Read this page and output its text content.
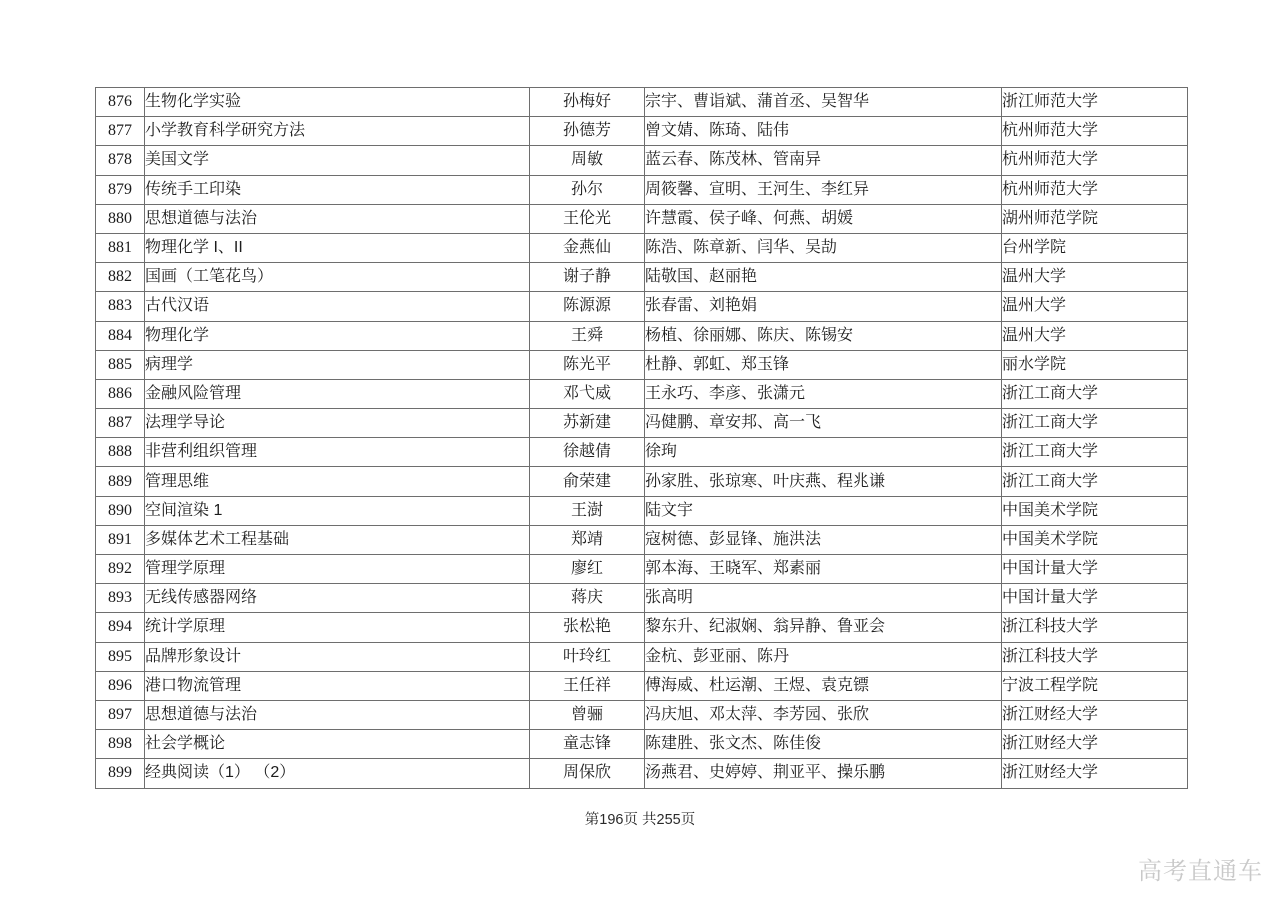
876	生物化学实验	孙梅好	宗宇、曹诣斌、蒲首丞、吴智华	浙江师范大学
877	小学教育科学研究方法	孙德芳	曾文婧、陈琦、陆伟	杭州师范大学
878	美国文学	周敏	蓝云春、陈茂林、管南异	杭州师范大学
879	传统手工印染	孙尔	周筱馨、宣明、王河生、李红异	杭州师范大学
880	思想道德与法治	王伦光	许慧霞、侯子峰、何燕、胡媛	湖州师范学院
881	物理化学 I、II	金燕仙	陈浩、陈章新、闫华、吴劼	台州学院
882	国画（工笔花鸟）	谢子静	陆敬国、赵丽艳	温州大学
883	古代汉语	陈源源	张春雷、刘艳娟	温州大学
884	物理化学	王舜	杨植、徐丽娜、陈庆、陈锡安	温州大学
885	病理学	陈光平	杜静、郭虹、郑玉锋	丽水学院
886	金融风险管理	邓弋威	王永巧、李彦、张潇元	浙江工商大学
887	法理学导论	苏新建	冯健鹏、章安邦、高一飞	浙江工商大学
888	非营利组织管理	徐越倩	徐珣	浙江工商大学
889	管理思维	俞荣建	孙家胜、张琼寒、叶庆燕、程兆谦	浙江工商大学
890	空间渲染 1	王澍	陆文宇	中国美术学院
891	多媒体艺术工程基础	郑靖	寇树德、彭显锋、施洪法	中国美术学院
892	管理学原理	廖红	郭本海、王晓军、郑素丽	中国计量大学
893	无线传感器网络	蒋庆	张高明	中国计量大学
894	统计学原理	张松艳	黎东升、纪淑娴、翁异静、鲁亚会	浙江科技大学
895	品牌形象设计	叶玲红	金杭、彭亚丽、陈丹	浙江科技大学
896	港口物流管理	王任祥	傅海威、杜运潮、王煜、袁克镖	宁波工程学院
897	思想道德与法治	曾骊	冯庆旭、邓太萍、李芳园、张欣	浙江财经大学
898	社会学概论	童志锋	陈建胜、张文杰、陈佳俊	浙江财经大学
899	经典阅读（1） （2）	周保欣	汤燕君、史婷婷、荆亚平、操乐鹏	浙江财经大学
第196页 共255页
高考直通车
